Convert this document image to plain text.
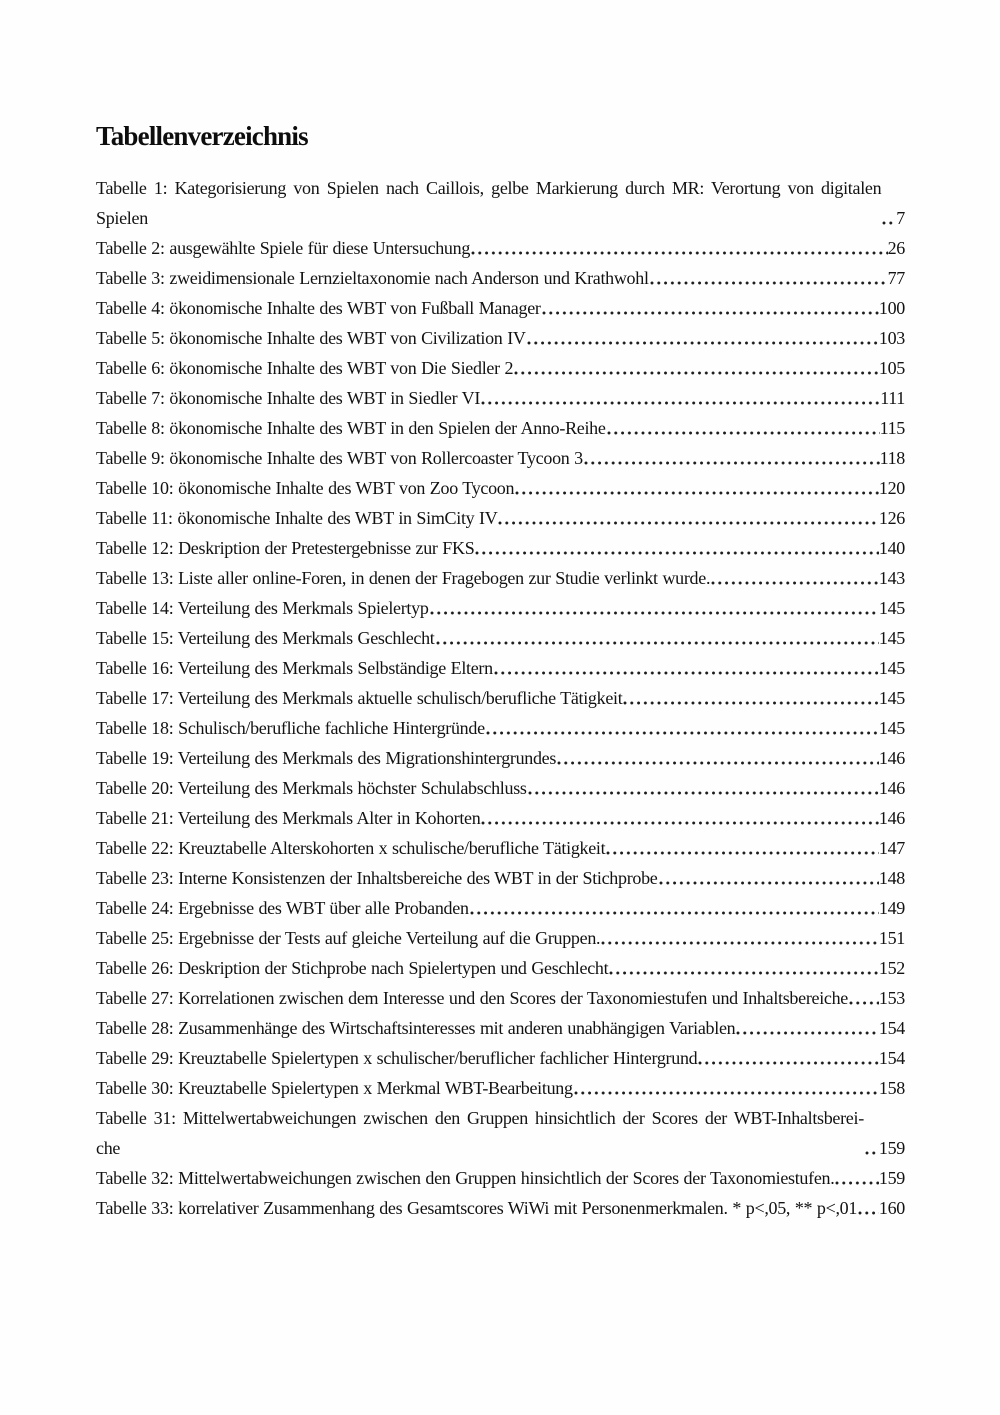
Tabellenverzeichnis
Tabelle 1: Kategorisierung von Spielen nach Caillois, gelbe Markierung durch MR: Verortung von digitalen Spielen	7
Tabelle 2: ausgewählte Spiele für diese Untersuchung	26
Tabelle 3: zweidimensionale Lernzieltaxonomie nach Anderson und Krathwohl	77
Tabelle 4: ökonomische Inhalte des WBT von Fußball Manager	100
Tabelle 5: ökonomische Inhalte des WBT von Civilization IV	103
Tabelle 6: ökonomische Inhalte des WBT von Die Siedler 2	105
Tabelle 7: ökonomische Inhalte des WBT in Siedler VI	111
Tabelle 8: ökonomische Inhalte des WBT in den Spielen der Anno-Reihe	115
Tabelle 9: ökonomische Inhalte des WBT von Rollercoaster Tycoon 3	118
Tabelle 10: ökonomische Inhalte des WBT von Zoo Tycoon	120
Tabelle 11: ökonomische Inhalte des WBT in SimCity IV	126
Tabelle 12: Deskription der Pretestergebnisse zur FKS	140
Tabelle 13: Liste aller online-Foren, in denen der Fragebogen zur Studie verlinkt wurde.	143
Tabelle 14: Verteilung des Merkmals Spielertyp	145
Tabelle 15: Verteilung des Merkmals Geschlecht	145
Tabelle 16: Verteilung des Merkmals Selbständige Eltern	145
Tabelle 17: Verteilung des Merkmals aktuelle schulisch/berufliche Tätigkeit	145
Tabelle 18: Schulisch/berufliche fachliche Hintergründe	145
Tabelle 19: Verteilung des Merkmals des Migrationshintergrundes	146
Tabelle 20: Verteilung des Merkmals höchster Schulabschluss	146
Tabelle 21: Verteilung des Merkmals Alter in Kohorten	146
Tabelle 22: Kreuztabelle Alterskohorten x schulische/berufliche Tätigkeit	147
Tabelle 23: Interne Konsistenzen der Inhaltsbereiche des WBT in der Stichprobe	148
Tabelle 24: Ergebnisse des WBT über alle Probanden	149
Tabelle 25: Ergebnisse der Tests auf gleiche Verteilung auf die Gruppen.	151
Tabelle 26: Deskription der Stichprobe nach Spielertypen und Geschlecht	152
Tabelle 27: Korrelationen zwischen dem Interesse und den Scores der Taxonomiestufen und Inhaltsbereiche 153
Tabelle 28: Zusammenhänge des Wirtschaftsinteresses mit anderen unabhängigen Variablen	154
Tabelle 29: Kreuztabelle Spielertypen x schulischer/beruflicher fachlicher Hintergrund	154
Tabelle 30: Kreuztabelle Spielertypen x Merkmal WBT-Bearbeitung	158
Tabelle 31: Mittelwertabweichungen zwischen den Gruppen hinsichtlich der Scores der WBT-Inhaltsberei-che	159
Tabelle 32: Mittelwertabweichungen zwischen den Gruppen hinsichtlich der Scores der Taxonomiestufen. 159
Tabelle 33: korrelativer Zusammenhang des Gesamtscores WiWi mit Personenmerkmalen. * p<,05, ** p<,01 160
